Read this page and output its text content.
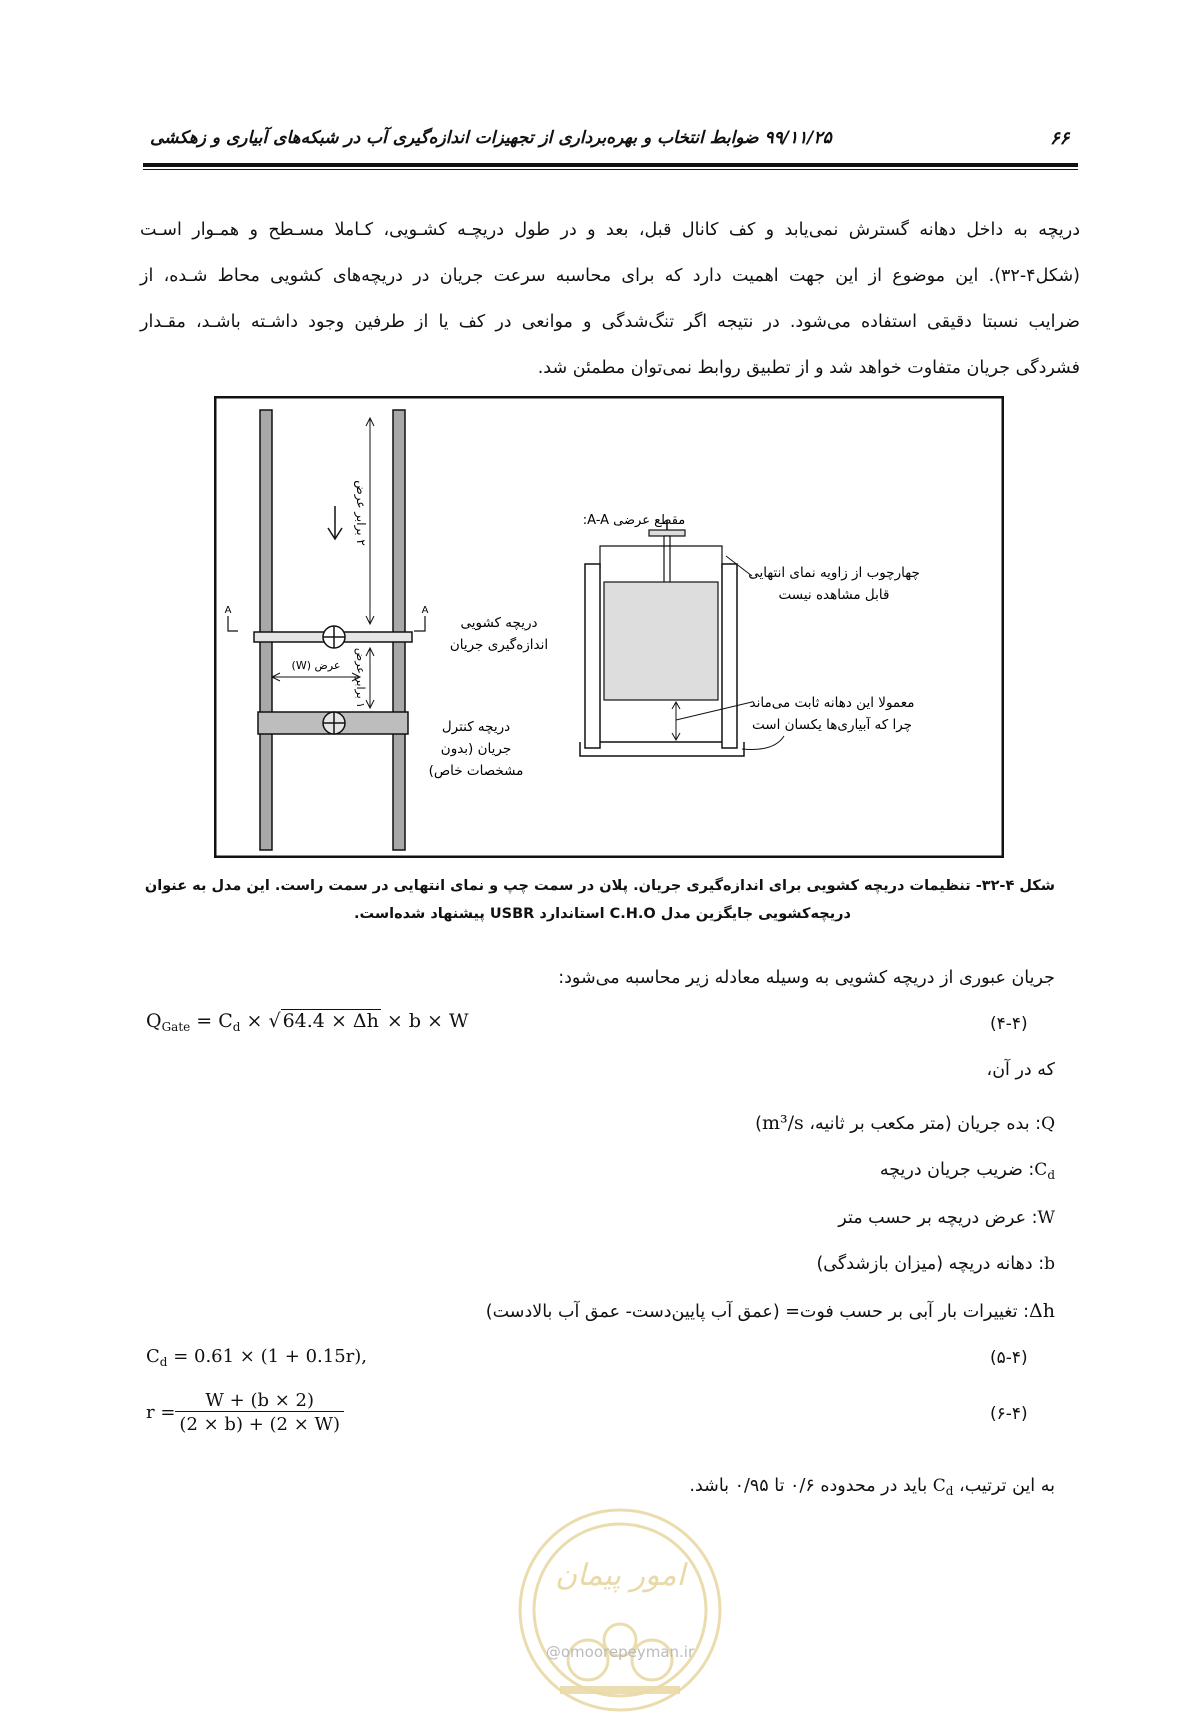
۹۹/۱۱/۲۵ ضوابط انتخاب و بهره‌برداری از تجهیزات اندازه‌گیری آب در شبکه‌های آبیاری و زهکشی	۶۶
دریچه به داخل دهانه گسترش نمی‌یابد و کف کانال قبل، بعد و در طول دریچـه کشـویی، کـاملا مسـطح و همـوار اسـت
(شکل۴-۳۲). این موضوع از این جهت اهمیت دارد که برای محاسبه سرعت جریان در دریچه‌های کشویی محاط شـده، از
ضرایب نسبتا دقیقی استفاده می‌شود. در نتیجه اگر تنگ‌شدگی و موانعی در کف یا از طرفین وجود داشـته باشـد، مقـدار
فشردگی جریان متفاوت خواهد شد و از تطبیق روابط نمی‌توان مطمئن شد.
۲ برابر عرض
A	A
عرض (W) ۱ برابر عرض
دریچه کشویی
اندازه‌گیری جریان
دریچه کنترل
جریان (بدون
مشخصات خاص)
مقطع عرضی A-A:
چهارچوب از زاویه نمای انتهایی
قابل مشاهده نیست
معمولا این دهانه ثابت می‌ماند
چرا که آبیاری‌ها یکسان است
شکل ۴-۳۲- تنظیمات دریچه کشویی برای اندازه‌گیری جریان. پلان در سمت چپ و نمای انتهایی در سمت راست. این مدل به عنوان
دریچه‌کشویی جایگزین مدل C.H.O استاندارد USBR پیشنهاد شده‌است.
جریان عبوری از دریچه کشویی به وسیله معادله زیر محاسبه می‌شود:
(۴-۴)
$Q_{Gate} = C_d$ × √ 64.4 × Δh × b × W
که در آن،
Q: بده جریان (متر مکعب بر ثانیه، m³/s)
$C_d$: ضریب جریان دریچه
W: عرض دریچه بر حسب متر
b: دهانه دریچه (میزان بازشدگی)
Δh: تغییرات بار آبی بر حسب فوت= (عمق آب پایین‌دست- عمق آب بالادست)
(۵-۴)
$C_d = 0.61 \times (1 + 0.15r)$,
(۶-۴)
$r = \frac{W + (b \times 2)}{(2 \times b) + (2 \times W)}$
به این ترتیب، $C_d$ باید در محدوده ۰/۶ تا ۰/۹۵ باشد.
امور پیمان
@omoorepeyman.ir
